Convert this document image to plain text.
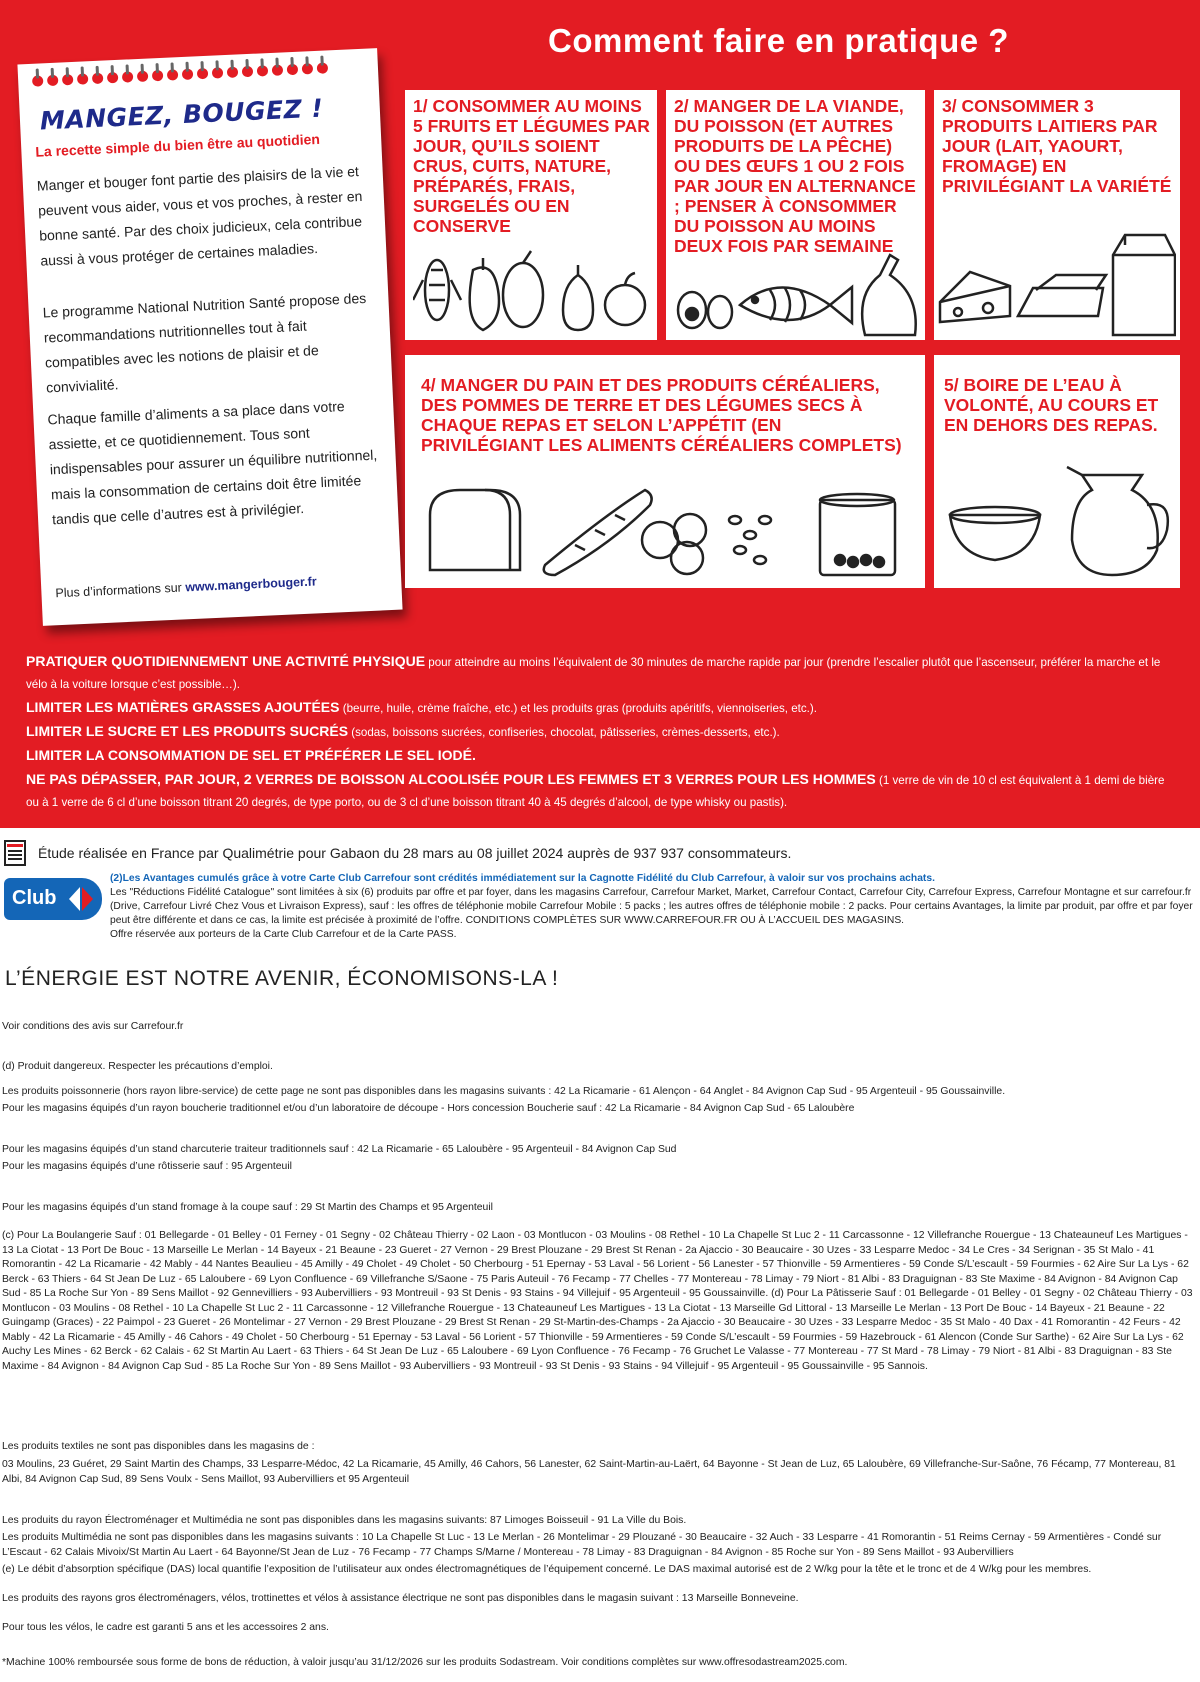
Comment faire en pratique ?
MANGEZ, BOUGEZ !
La recette simple du bien être au quotidien
Manger et bouger font partie des plaisirs de la vie et peuvent vous aider, vous et vos proches, à rester en bonne santé. Par des choix judicieux, cela contribue aussi à vous protéger de certaines maladies.
Le programme National Nutrition Santé propose des recommandations nutritionnelles tout à fait compatibles avec les notions de plaisir et de convivialité.
Chaque famille d’aliments a sa place dans votre assiette, et ce quotidiennement. Tous sont indispensables pour assurer un équilibre nutritionnel, mais la consommation de certains doit être limitée tandis que celle d’autres est à privilégier.
Plus d’informations sur www.mangerbouger.fr
1/ CONSOMMER AU MOINS 5 FRUITS ET LÉGUMES PAR JOUR, QU’ILS SOIENT CRUS, CUITS, NATURE, PRÉPARÉS, FRAIS, SURGELÉS OU EN CONSERVE
2/ MANGER DE LA VIANDE, DU POISSON (ET AUTRES PRODUITS DE LA PÊCHE) OU DES ŒUFS 1 OU 2 FOIS PAR JOUR EN ALTERNANCE ; PENSER À CONSOMMER DU POISSON AU MOINS DEUX FOIS PAR SEMAINE
3/ CONSOMMER 3 PRODUITS LAITIERS PAR JOUR (LAIT, YAOURT, FROMAGE) EN PRIVILÉGIANT LA VARIÉTÉ
4/ MANGER DU PAIN ET DES PRODUITS CÉRÉALIERS, DES POMMES DE TERRE ET DES LÉGUMES SECS À CHAQUE REPAS ET SELON L’APPÉTIT (EN PRIVILÉGIANT LES ALIMENTS CÉRÉALIERS COMPLETS)
5/ BOIRE DE L’EAU À VOLONTÉ, AU COURS ET EN DEHORS DES REPAS.

PRATIQUER QUOTIDIENNEMENT UNE ACTIVITÉ PHYSIQUE pour atteindre au moins l’équivalent de 30 minutes de marche rapide par jour (prendre l’escalier plutôt que l’ascenseur, préférer la marche et le vélo à la voiture lorsque c’est possible…).

LIMITER LES MATIÈRES GRASSES AJOUTÉES (beurre, huile, crème fraîche, etc.) et les produits gras (produits apéritifs, viennoiseries, etc.).

LIMITER LE SUCRE ET LES PRODUITS SUCRÉS (sodas, boissons sucrées, confiseries, chocolat, pâtisseries, crèmes-desserts, etc.).

LIMITER LA CONSOMMATION DE SEL ET PRÉFÉRER LE SEL IODÉ.

NE PAS DÉPASSER, PAR JOUR, 2 VERRES DE BOISSON ALCOOLISÉE POUR LES FEMMES ET 3 VERRES POUR LES HOMMES (1 verre de vin de 10 cl est équivalent à 1 demi de bière ou à 1 verre de 6 cl d’une boisson titrant 20 degrés, de type porto, ou de 3 cl d’une boisson titrant 40 à 45 degrés d’alcool, de type whisky ou pastis).

Étude réalisée en France par Qualimétrie pour Gabaon du 28 mars au 08 juillet 2024 auprès de 937 937 consommateurs.
Club
(2)Les Avantages cumulés grâce à votre Carte Club Carrefour sont crédités immédiatement sur la Cagnotte Fidélité du Club Carrefour, à valoir sur vos prochains achats.
Les "Réductions Fidélité Catalogue" sont limitées à six (6) produits par offre et par foyer, dans les magasins Carrefour, Carrefour Market, Market, Carrefour Contact, Carrefour City, Carrefour Express, Carrefour Montagne et sur carrefour.fr (Drive, Carrefour Livré Chez Vous et Livraison Express), sauf : les offres de téléphonie mobile Carrefour Mobile : 5 packs ; les autres offres de téléphonie mobile : 2 packs. Pour certains Avantages, la limite par produit, par offre et par foyer peut être différente et dans ce cas, la limite est précisée à proximité de l’offre. CONDITIONS COMPLÈTES SUR WWW.CARREFOUR.FR OU À L’ACCUEIL DES MAGASINS.
Offre réservée aux porteurs de la Carte Club Carrefour et de la Carte PASS.
L’ÉNERGIE EST NOTRE AVENIR, ÉCONOMISONS-LA !
Voir conditions des avis sur Carrefour.fr
(d) Produit dangereux. Respecter les précautions d’emploi.
Les produits poissonnerie (hors rayon libre-service) de cette page ne sont pas disponibles dans les magasins suivants : 42 La Ricamarie - 61 Alençon - 64 Anglet - 84 Avignon Cap Sud - 95 Argenteuil - 95 Goussainville.
Pour les magasins équipés d’un rayon boucherie traditionnel et/ou d’un laboratoire de découpe - Hors concession Boucherie sauf : 42 La Ricamarie - 84 Avignon Cap Sud - 65 Laloubère
Pour les magasins équipés d’un stand charcuterie traiteur traditionnels sauf : 42 La Ricamarie - 65 Laloubère - 95 Argenteuil - 84 Avignon Cap Sud
Pour les magasins équipés d’une rôtisserie sauf : 95 Argenteuil
Pour les magasins équipés d’un stand fromage à la coupe sauf : 29 St Martin des Champs et 95 Argenteuil
(c) Pour La Boulangerie Sauf : 01 Bellegarde - 01 Belley - 01 Ferney - 01 Segny - 02 Château Thierry - 02 Laon - 03 Montlucon - 03 Moulins - 08 Rethel - 10 La Chapelle St Luc 2 - 11 Carcassonne - 12 Villefranche Rouergue - 13 Chateauneuf Les Martigues - 13 La Ciotat - 13 Port De Bouc - 13 Marseille Le Merlan - 14 Bayeux - 21 Beaune - 23 Gueret - 27 Vernon - 29 Brest Plouzane - 29 Brest St Renan - 2a Ajaccio - 30 Beaucaire - 30 Uzes - 33 Lesparre Medoc - 34 Le Cres - 34 Serignan - 35 St Malo - 41 Romorantin - 42 La Ricamarie - 42 Mably - 44 Nantes Beaulieu - 45 Amilly - 49 Cholet - 49 Cholet - 50 Cherbourg - 51 Epernay - 53 Laval - 56 Lorient - 56 Lanester - 57 Thionville - 59 Armentieres - 59 Conde S/L’escault - 59 Fourmies - 62 Aire Sur La Lys - 62 Berck - 63 Thiers - 64 St Jean De Luz - 65 Laloubere - 69 Lyon Confluence - 69 Villefranche S/Saone - 75 Paris Auteuil - 76 Fecamp - 77 Chelles - 77 Montereau - 78 Limay - 79 Niort - 81 Albi - 83 Draguignan - 83 Ste Maxime - 84 Avignon - 84 Avignon Cap Sud - 85 La Roche Sur Yon - 89 Sens Maillot - 92 Gennevilliers - 93 Aubervilliers - 93 Montreuil - 93 St Denis - 93 Stains - 94 Villejuif - 95 Argenteuil - 95 Goussainville. (d) Pour La Pâtisserie Sauf : 01 Bellegarde - 01 Belley - 01 Segny - 02 Château Thierry - 03 Montlucon - 03 Moulins - 08 Rethel - 10 La Chapelle St Luc 2 - 11 Carcassonne - 12 Villefranche Rouergue - 13 Chateauneuf Les Martigues - 13 La Ciotat - 13 Marseille Gd Littoral - 13 Marseille Le Merlan - 13 Port De Bouc - 14 Bayeux - 21 Beaune - 22 Guingamp (Graces) - 22 Paimpol - 23 Gueret - 26 Montelimar - 27 Vernon - 29 Brest Plouzane - 29 Brest St Renan - 29 St-Martin-des-Champs - 2a Ajaccio - 30 Beaucaire - 30 Uzes - 33 Lesparre Medoc - 35 St Malo - 40 Dax - 41 Romorantin - 42 Feurs - 42 Mably - 42 La Ricamarie - 45 Amilly - 46 Cahors - 49 Cholet - 50 Cherbourg - 51 Epernay - 53 Laval - 56 Lorient - 57 Thionville - 59 Armentieres - 59 Conde S/L’escault - 59 Fourmies - 59 Hazebrouck - 61 Alencon (Conde Sur Sarthe) - 62 Aire Sur La Lys - 62 Auchy Les Mines - 62 Berck - 62 Calais - 62 St Martin Au Laert - 63 Thiers - 64 St Jean De Luz - 65 Laloubere - 69 Lyon Confluence - 76 Fecamp - 76 Gruchet Le Valasse - 77 Montereau - 77 St Mard - 78 Limay - 79 Niort - 81 Albi - 83 Draguignan - 83 Ste Maxime - 84 Avignon - 84 Avignon Cap Sud - 85 La Roche Sur Yon - 89 Sens Maillot - 93 Aubervilliers - 93 Montreuil - 93 St Denis - 93 Stains - 94 Villejuif - 95 Argenteuil - 95 Goussainville - 95 Sannois.
Les produits textiles ne sont pas disponibles dans les magasins de :
03 Moulins, 23 Guéret, 29 Saint Martin des Champs, 33 Lesparre-Médoc, 42 La Ricamarie, 45 Amilly, 46 Cahors, 56 Lanester, 62 Saint-Martin-au-Laërt, 64 Bayonne - St Jean de Luz, 65 Laloubère, 69 Villefranche-Sur-Saône, 76 Fécamp, 77 Montereau, 81 Albi, 84 Avignon Cap Sud, 89 Sens Voulx - Sens Maillot, 93 Aubervilliers et 95 Argenteuil
Les produits du rayon Électroménager et Multimédia ne sont pas disponibles dans les magasins suivants: 87 Limoges Boisseuil - 91 La Ville du Bois.
Les produits Multimédia ne sont pas disponibles dans les magasins suivants : 10 La Chapelle St Luc - 13 Le Merlan - 26 Montelimar - 29 Plouzané - 30 Beaucaire - 32 Auch - 33 Lesparre - 41 Romorantin - 51 Reims Cernay - 59 Armentières - Condé sur L’Escaut - 62 Calais Mivoix/St Martin Au Laert - 64 Bayonne/St Jean de Luz - 76 Fecamp - 77 Champs S/Marne / Montereau - 78 Limay - 83 Draguignan - 84 Avignon - 85 Roche sur Yon - 89 Sens Maillot - 93 Aubervilliers
(e) Le débit d’absorption spécifique (DAS) local quantifie l’exposition de l’utilisateur aux ondes électromagnétiques de l’équipement concerné. Le DAS maximal autorisé est de 2 W/kg pour la tête et le tronc et de 4 W/kg pour les membres.
Les produits des rayons gros électroménagers, vélos, trottinettes et vélos à assistance électrique ne sont pas disponibles dans le magasin suivant : 13 Marseille Bonneveine.
Pour tous les vélos, le cadre est garanti 5 ans et les accessoires 2 ans.
*Machine 100% remboursée sous forme de bons de réduction, à valoir jusqu’au 31/12/2026 sur les produits Sodastream. Voir conditions complètes sur www.offresodastream2025.com.
